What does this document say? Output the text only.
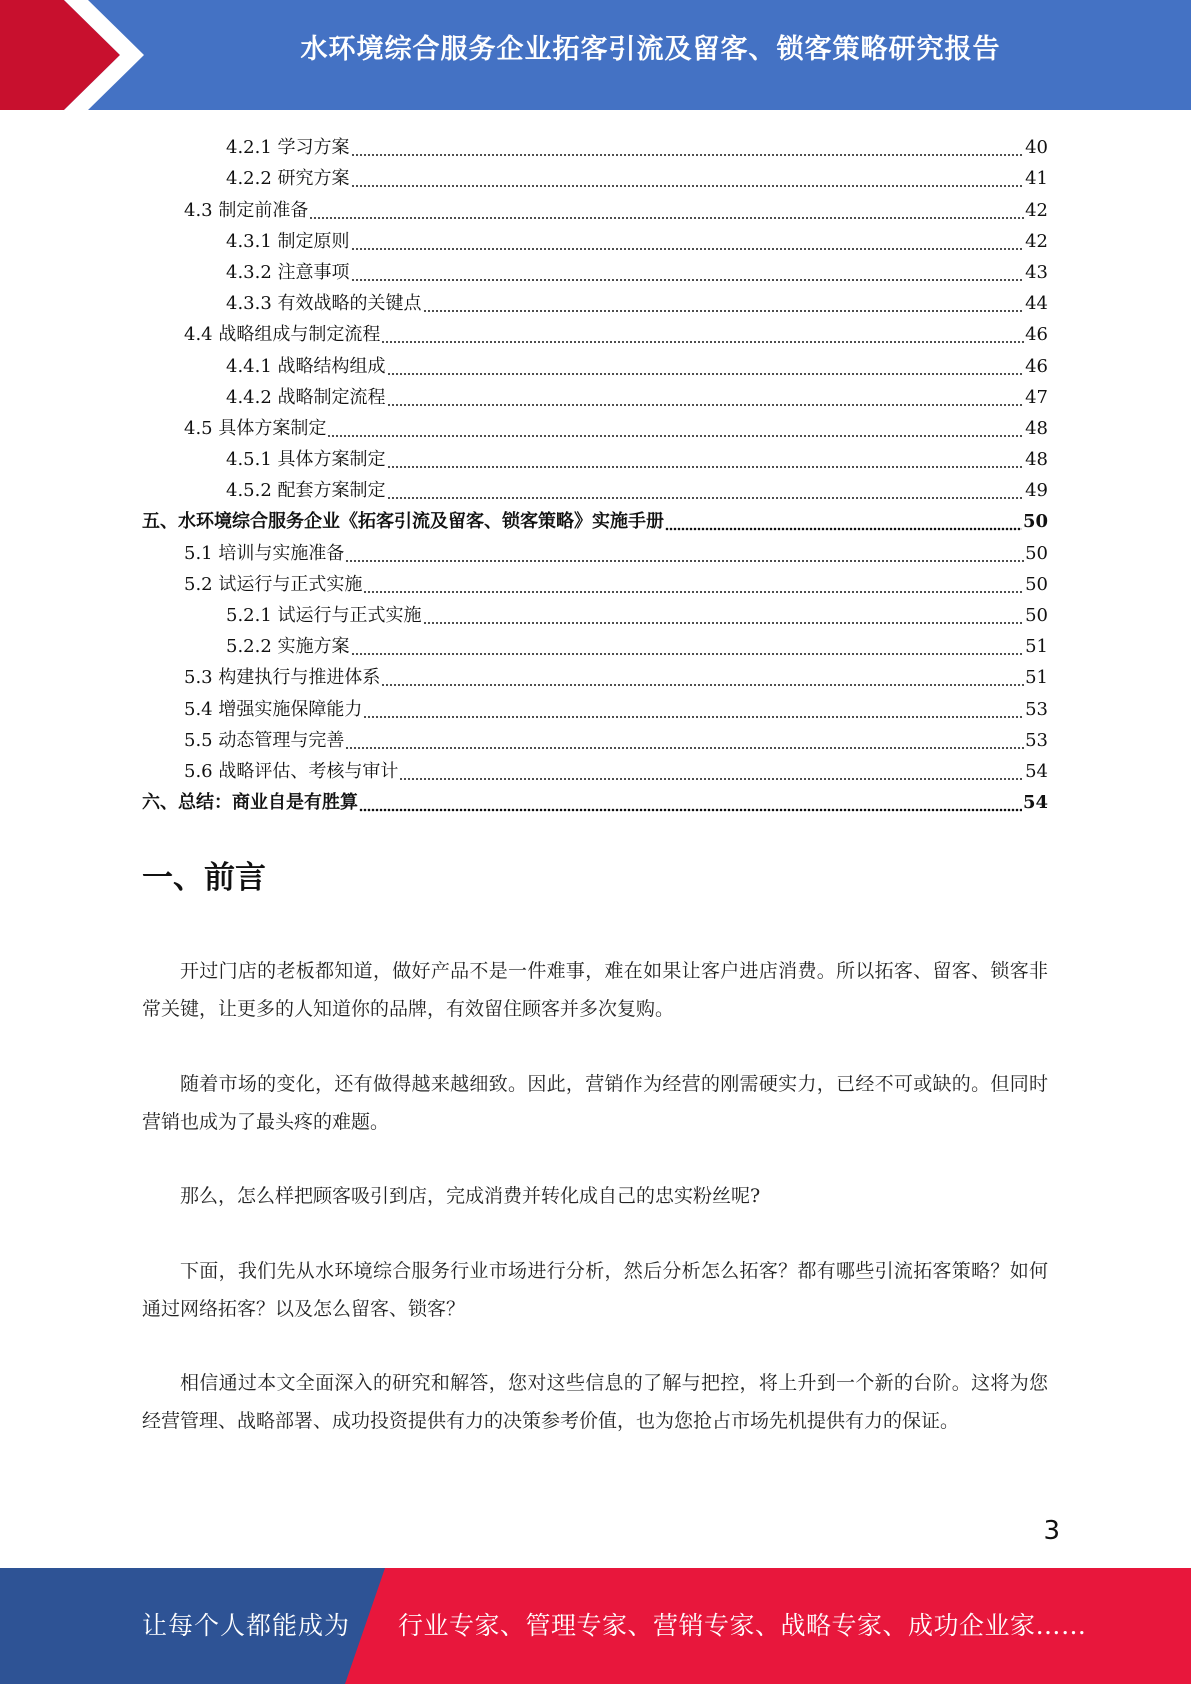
水环境综合服务企业拓客引流及留客、锁客策略研究报告
4.2.1 学习方案	40
4.2.2 研究方案	41
4.3 制定前准备	42
4.3.1 制定原则	42
4.3.2 注意事项	43
4.3.3 有效战略的关键点	44
4.4 战略组成与制定流程	46
4.4.1 战略结构组成	46
4.4.2 战略制定流程	47
4.5 具体方案制定	48
4.5.1 具体方案制定	48
4.5.2 配套方案制定	49
五、水环境综合服务企业《拓客引流及留客、锁客策略》实施手册	50
5.1 培训与实施准备	50
5.2 试运行与正式实施	50
5.2.1 试运行与正式实施	50
5.2.2 实施方案	51
5.3 构建执行与推进体系	51
5.4 增强实施保障能力	53
5.5 动态管理与完善	53
5.6 战略评估、考核与审计	54
六、总结：商业自是有胜算	54
一、前言

开过门店的老板都知道，做好产品不是一件难事，难在如果让客户进店消费。所以拓客、留客、锁客非常关键，让更多的人知道你的品牌，有效留住顾客并多次复购。

随着市场的变化，还有做得越来越细致。因此，营销作为经营的刚需硬实力，已经不可或缺的。但同时营销也成为了最头疼的难题。

那么，怎么样把顾客吸引到店，完成消费并转化成自己的忠实粉丝呢?

下面，我们先从水环境综合服务行业市场进行分析，然后分析怎么拓客？都有哪些引流拓客策略？如何通过网络拓客？以及怎么留客、锁客？

相信通过本文全面深入的研究和解答，您对这些信息的了解与把控，将上升到一个新的台阶。这将为您经营管理、战略部署、成功投资提供有力的决策参考价值，也为您抢占市场先机提供有力的保证。

3
让每个人都能成为 行业专家、管理专家、营销专家、战略专家、成功企业家……
